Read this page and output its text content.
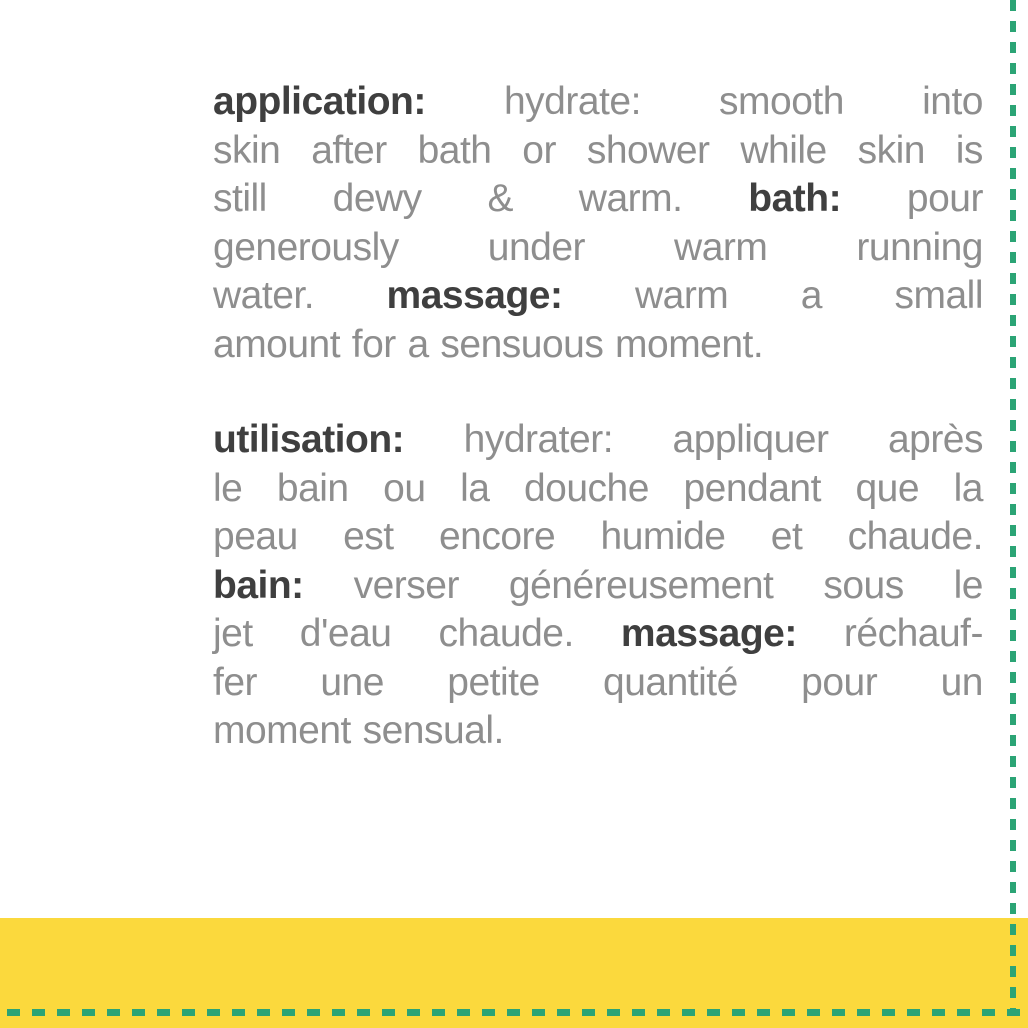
application: hydrate: smooth into
skin after bath or shower while skin is
still dewy & warm. bath: pour
generously under warm running
water. massage: warm a small
amount for a sensuous moment.
utilisation: hydrater: appliquer après
le bain ou la douche pendant que la
peau est encore humide et chaude.
bain: verser généreusement sous le
jet d'eau chaude. massage: réchauf-
fer une petite quantité pour un
moment sensual.
